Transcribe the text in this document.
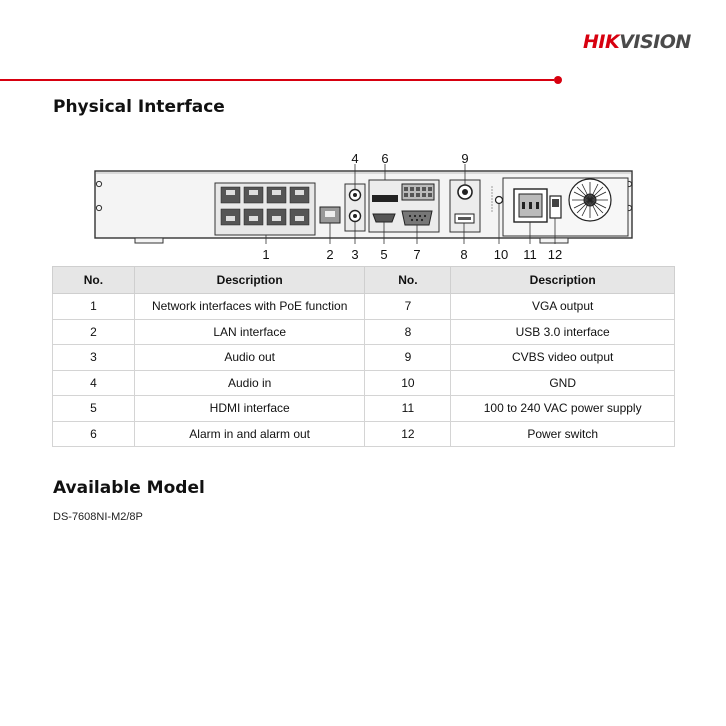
HIKVISION
Physical Interface
1	2 3
4
5
6
7	8
9
10 11 12
No.	Description	No.	Description
1	Network interfaces with PoE function	7	VGA output
2	LAN interface	8	USB 3.0 interface
3	Audio out	9	CVBS video output
4	Audio in	10	GND
5	HDMI interface	11	100 to 240 VAC power supply
6	Alarm in and alarm out	12	Power switch
Available Model
DS-7608NI-M2/8P
